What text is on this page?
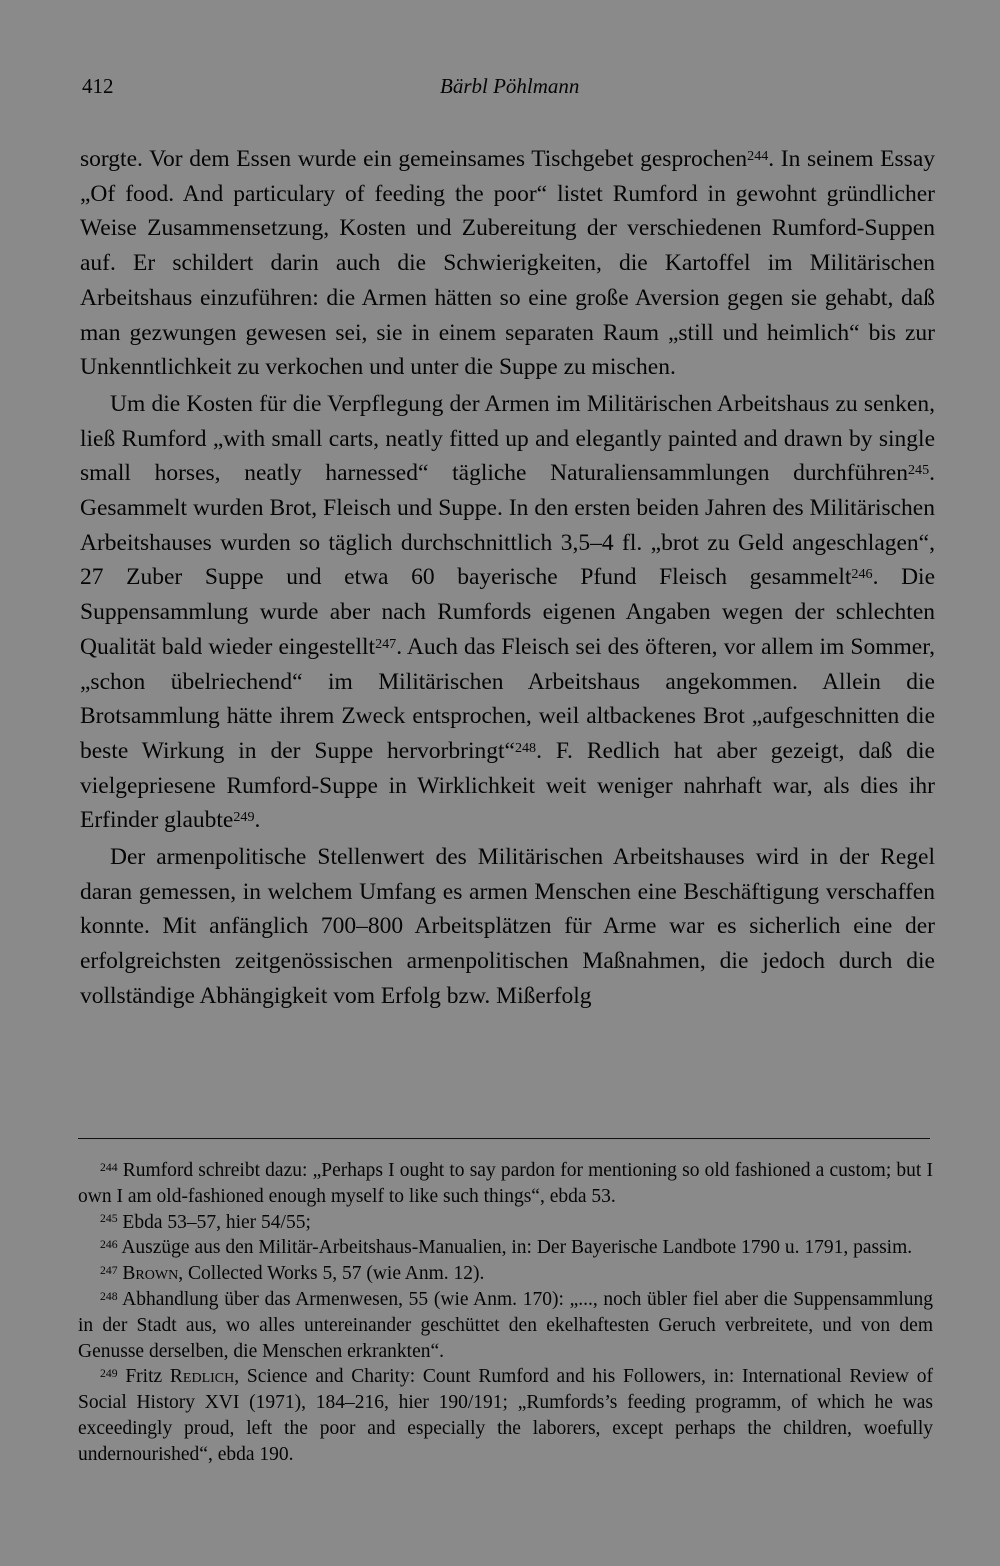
412	Bärbl Pöhlmann

sorgte. Vor dem Essen wurde ein gemeinsames Tischgebet gesprochen$^{244}$. In seinem Essay „Of food. And particulary of feeding the poor“ listet Rumford in gewohnt gründlicher Weise Zusammensetzung, Kosten und Zubereitung der verschiedenen Rumford-Suppen auf. Er schildert darin auch die Schwierigkeiten, die Kartoffel im Militärischen Arbeitshaus einzuführen: die Armen hätten so eine große Aversion gegen sie gehabt, daß man gezwungen gewesen sei, sie in einem separaten Raum „still und heimlich“ bis zur Unkenntlichkeit zu verkochen und unter die Suppe zu mischen.

Um die Kosten für die Verpflegung der Armen im Militärischen Arbeitshaus zu senken, ließ Rumford „with small carts, neatly fitted up and elegantly painted and drawn by single small horses, neatly harnessed“ tägliche Naturaliensammlungen durchführen$^{245}$. Gesammelt wurden Brot, Fleisch und Suppe. In den ersten beiden Jahren des Militärischen Arbeitshauses wurden so täglich durchschnittlich 3,5–4 fl. „brot zu Geld angeschlagen“, 27 Zuber Suppe und etwa 60 bayerische Pfund Fleisch gesammelt$^{246}$. Die Suppensammlung wurde aber nach Rumfords eigenen Angaben wegen der schlechten Qualität bald wieder eingestellt$^{247}$. Auch das Fleisch sei des öfteren, vor allem im Sommer, „schon übelriechend“ im Militärischen Arbeitshaus angekommen. Allein die Brotsammlung hätte ihrem Zweck entsprochen, weil altbackenes Brot „aufgeschnitten die beste Wirkung in der Suppe hervorbringt“$^{248}$. F. Redlich hat aber gezeigt, daß die vielgepriesene Rumford-Suppe in Wirklichkeit weit weniger nahrhaft war, als dies ihr Erfinder glaubte$^{249}$.

Der armenpolitische Stellenwert des Militärischen Arbeitshauses wird in der Regel daran gemessen, in welchem Umfang es armen Menschen eine Beschäftigung verschaffen konnte. Mit anfänglich 700–800 Arbeitsplätzen für Arme war es sicherlich eine der erfolgreichsten zeitgenössischen armenpolitischen Maßnahmen, die jedoch durch die vollständige Abhängigkeit vom Erfolg bzw. Mißerfolg

$^{244}$ Rumford schreibt dazu: „Perhaps I ought to say pardon for mentioning so old fashioned a custom; but I own I am old-fashioned enough myself to like such things“, ebda 53.

$^{245}$ Ebda 53–57, hier 54/55;

$^{246}$ Auszüge aus den Militär-Arbeitshaus-Manualien, in: Der Bayerische Landbote 1790 u. 1791, passim.

$^{247}$ Brown, Collected Works 5, 57 (wie Anm. 12).

$^{248}$ Abhandlung über das Armenwesen, 55 (wie Anm. 170): „..., noch übler fiel aber die Suppensammlung in der Stadt aus, wo alles untereinander geschüttet den ekelhaftesten Geruch verbreitete, und von dem Genusse derselben, die Menschen erkrankten“.

$^{249}$ Fritz Redlich, Science and Charity: Count Rumford and his Followers, in: International Review of Social History XVI (1971), 184–216, hier 190/191; „Rumfords’s feeding programm, of which he was exceedingly proud, left the poor and especially the laborers, except perhaps the children, woefully undernourished“, ebda 190.
